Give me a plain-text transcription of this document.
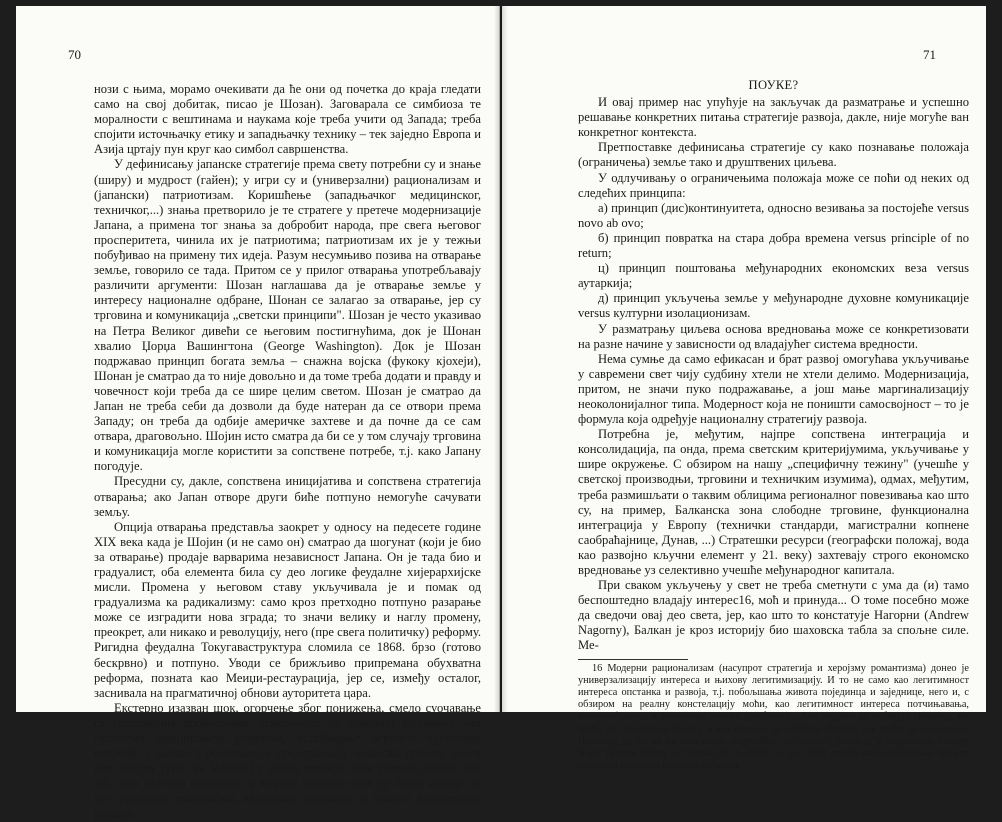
70

нози с њима, морамо очекивати да ће они од почетка до краја гледати само на свој добитак, писао је Шозан). Заговарала се симбиоза те моралности с вештинама и наукама које треба учити од Запада; треба спојити источњачку етику и западњачку технику – тек заједно Европа и Азија цртају пун круг као симбол савршенства.

У дефинисању јапанске стратегије према свету потребни су и знање (ширу) и мудрост (гайен); у игри су и (универзални) рационализам и (јапански) патриотизам. Коришћење (западњачког медицинског, техничког,...) знања претворило је те стратеге у претече модернизације Јапана, а примена тог знања за добробит народа, пре свега његовог просперитета, чинила их је патриотима; патриотизам их је у тежњи побуђивао на примену тих идеја. Разум несумњиво позива на отварање земље, говорило се тада. Притом се у прилог отварања употребљавају различити аргументи: Шозан наглашава да је отварање земље у интересу националне одбране, Шонан се залагао за отварање, јер су трговина и комуникација „светски принципи". Шозан је често указивао на Петра Великог дивећи се његовим постигнућима, док је Шонан хвалио Џорџа Вашингтона (George Washington). Док је Шозан подржавао принцип богата земља – снажна војска (фукоку кјохеји), Шонан је сматрао да то није довољно и да томе треба додати и правду и човечност који треба да се шире целим светом. Шозан је сматрао да Јапан не треба себи да дозволи да буде натеран да се отвори према Западу; он треба да одбије америчке захтеве и да почне да се сам отвара, драговољно. Шојин исто сматра да би се у том случају трговина и комуникација могле користити за сопствене потребе, т.ј. како Јапану погодује.

Пресудни су, дакле, сопствена иницијатива и сопствена стратегија отварања; ако Јапан отворе други биће потпуно немогуће сачувати земљу.

Опција отварања представља заокрет у односу на педесете године XIX века када је Шојин (и не само он) сматрао да шогунат (који је био за отварање) продаје варварима независност Јапана. Он је тада био и градуалист, оба елемента била су део логике феудалне хијерархијске мисли. Промена у његовом ставу укључивала је и помак од градуализма ка радикализму: само кроз претходно потпуно разарање може се изградити нова зграда; то значи велику и наглу промену, преокрет, али никако и револуцију, него (пре свега политичку) реформу. Ригидна феудална Токугаваструктура сломила се 1868. брзо (готово бескрвно) и потпуно. Уводи се брижљиво припремана обухватна реформа, позната као Меиџи-рестаурација, јер се, између осталог, заснивала на прагматичној обнови ауторитета цара.

Екстерно изазван шок, огорчење због понижења, смело суочавање са сопственим проблемима, усмереност на темељно решавање тих проблема иницирањем реформи, ослобађање огромне креативне енергије у њиховој реализацији представљају школски пример онога што Ростоу (Walt W. Rostow) у својој теорији фаза развоја назива take off. Тим узлетом отпочеле су крупне промене које су Јапан изведе на пут успешног економског, културног, државног и општег друштвеног развоја.

71

ПОУКЕ?

И овај пример нас упућује на закључак да разматрање и успешно решавање конкретних питања стратегије развоја, дакле, није могуће ван конкретног контекста.

Претпоставке дефинисања стратегије су како познавање положаја (ограничења) земље тако и друштвених циљева.

У одлучивању о ограничењима положаја може се поћи од неких од следећих принципа:

а) принцип (дис)континуитета, односно везивања за постојеће versus novo ab ovo;

б) принцип повратка на стара добра времена versus principle of no return;

ц) принцип поштовања међународних економских веза versus аутаркија;

д) принцип укључења земље у међународне духовне комуникације versus културни изолационизам.

У разматрању циљева основа вредновања може се конкретизовати на разне начине у зависности од владајућег система вредности.

Нема сумње да само ефикасан и брат развој омогућава укључивање у савремени свет чију судбину хтели не хтели делимо. Модернизација, притом, не значи пуко подражавање, а још мање маргинализацију неоколонијалног типа. Модерност која не поништи самосвојност – то је формула која одређује националну стратегију развоја.

Потребна је, међутим, најпре сопствена интеграција и консолидација, па онда, према светским критеријумима, укључивање у шире окружење. С обзиром на нашу „специфичну тежину" (учешће у светској производњи, трговини и техничким изумима), одмах, међутим, треба размишљати о таквим облицима регионалног повезивања као што су, на пример, Балканска зона слободне трговине, функционална интеграција у Европу (технички стандарди, магистрални копнене саобраћајнице, Дунав, ...) Стратешки ресурси (географски положај, вода као развојно кључни елемент у 21. веку) захтевају строго економско вредновање уз селективно учешће међународног капитала.

При сваком укључењу у свет не треба сметнути с ума да (и) тамо беспоштедно владају интерес16, моћ и принуда... О томе посебно може да сведочи овај део света, јер, као што то констатује Нагорни (Andrew Nagorny), Балкан је кроз историју био шаховска табла за спољне силе. Ме-

16 Модерни рационализам (насупрот стратегија и херојзму романтизма) донео је универзализацију интереса и њихову легитимизацију. И то не само као легитимност интереса опстанка и развоја, т.ј. побољшања живота појединца и заједнице, него и, с обзиром на реалну констелацију моћи, као легитимност интереса потчињавања, искоришћавања и уништења других (слабијих). „Ако видимо да побеђује Немачка, ми треба да помогнемо Русију, а ако видимо да побеђује Русија, ми треба да помогнемо Немачку, да би их се што више међусобно поубијало", рекао је у америчком Сенату Хари Труман (Harry S. Truman; U. S. Week, 5. јул 1941) дајући парадигматичан пример схватања интереса великих моћника.
